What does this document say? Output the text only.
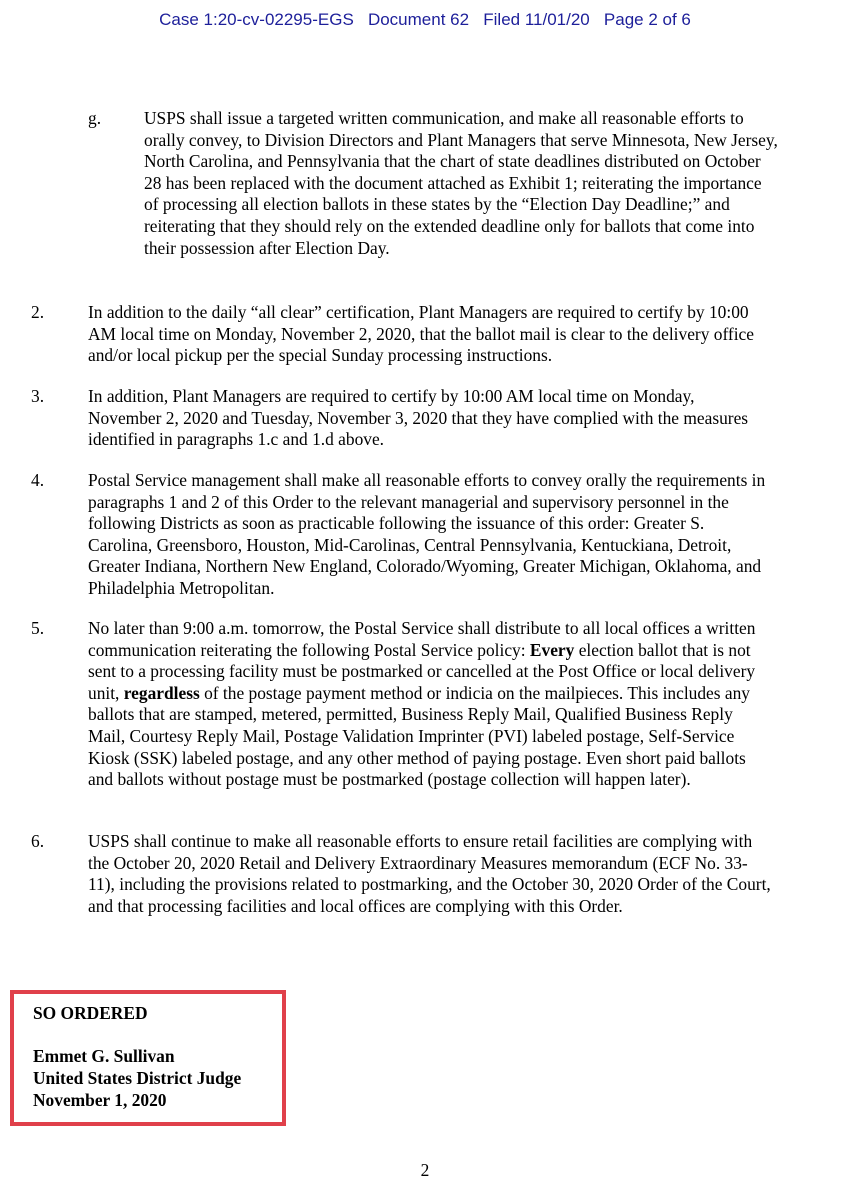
Case 1:20-cv-02295-EGS Document 62 Filed 11/01/20 Page 2 of 6
g. USPS shall issue a targeted written communication, and make all reasonable efforts to orally convey, to Division Directors and Plant Managers that serve Minnesota, New Jersey, North Carolina, and Pennsylvania that the chart of state deadlines distributed on October 28 has been replaced with the document attached as Exhibit 1; reiterating the importance of processing all election ballots in these states by the “Election Day Deadline;” and reiterating that they should rely on the extended deadline only for ballots that come into their possession after Election Day.

2.	In addition to the daily “all clear” certification, Plant Managers are required to certify by 10:00 AM local time on Monday, November 2, 2020, that the ballot mail is clear to the delivery office and/or local pickup per the special Sunday processing instructions.

3.	In addition, Plant Managers are required to certify by 10:00 AM local time on Monday, November 2, 2020 and Tuesday, November 3, 2020 that they have complied with the measures identified in paragraphs 1.c and 1.d above.

4.	Postal Service management shall make all reasonable efforts to convey orally the requirements in paragraphs 1 and 2 of this Order to the relevant managerial and supervisory personnel in the following Districts as soon as practicable following the issuance of this order: Greater S. Carolina, Greensboro, Houston, Mid-Carolinas, Central Pennsylvania, Kentuckiana, Detroit, Greater Indiana, Northern New England, Colorado/Wyoming, Greater Michigan, Oklahoma, and Philadelphia Metropolitan.

5.	No later than 9:00 a.m. tomorrow, the Postal Service shall distribute to all local offices a written communication reiterating the following Postal Service policy: Every election ballot that is not sent to a processing facility must be postmarked or cancelled at the Post Office or local delivery unit, regardless of the postage payment method or indicia on the mailpieces. This includes any ballots that are stamped, metered, permitted, Business Reply Mail, Qualified Business Reply Mail, Courtesy Reply Mail, Postage Validation Imprinter (PVI) labeled postage, Self-Service Kiosk (SSK) labeled postage, and any other method of paying postage. Even short paid ballots and ballots without postage must be postmarked (postage collection will happen later).

6.	USPS shall continue to make all reasonable efforts to ensure retail facilities are complying with the October 20, 2020 Retail and Delivery Extraordinary Measures memorandum (ECF No. 33-11), including the provisions related to postmarking, and the October 30, 2020 Order of the Court, and that processing facilities and local offices are complying with this Order.

SO ORDERED
Emmet G. Sullivan
United States District Judge
November 1, 2020
2
